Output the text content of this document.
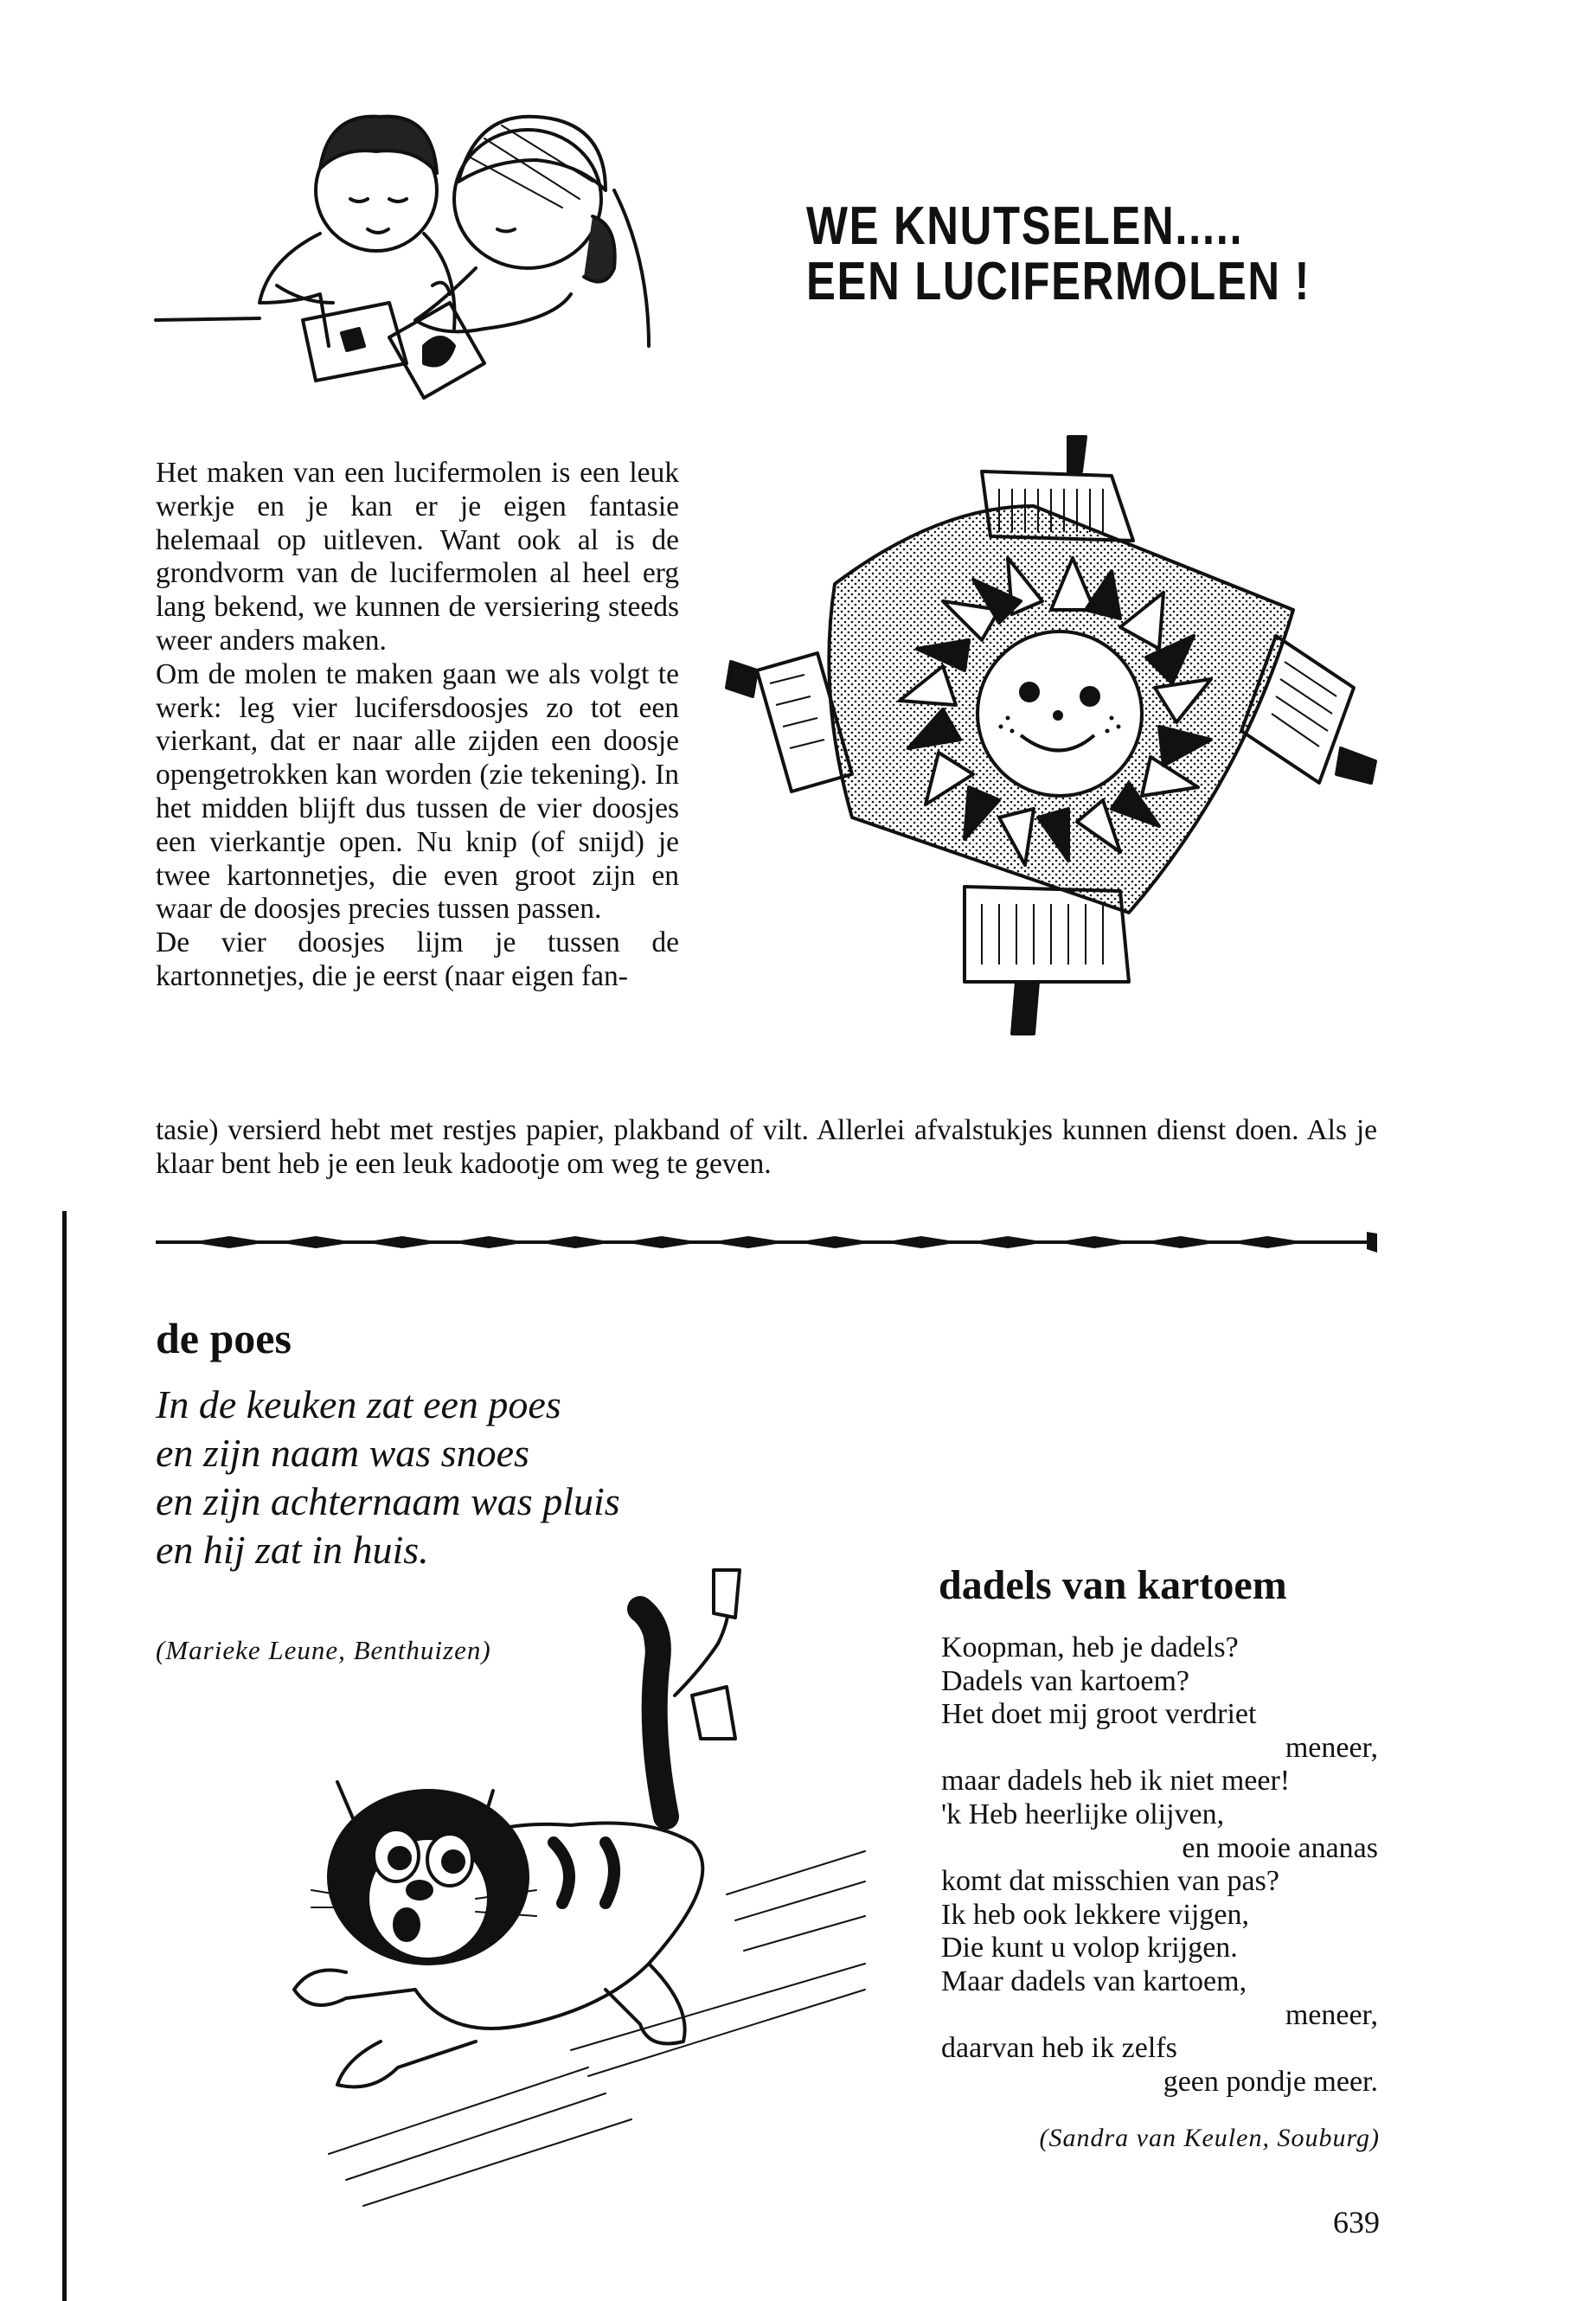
WE KNUTSELEN.....
EEN LUCIFERMOLEN !

Het maken van een lucifermolen is een leuk werkje en je kan er je eigen fantasie helemaal op uitleven. Want ook al is de grondvorm van de lucifermolen al heel erg lang bekend, we kunnen de versiering steeds weer anders maken.

Om de molen te maken gaan we als volgt te werk: leg vier lucifersdoosjes zo tot een vierkant, dat er naar alle zijden een doosje opengetrokken kan worden (zie tekening). In het midden blijft dus tussen de vier doosjes een vierkantje open. Nu knip (of snijd) je twee kartonnetjes, die even groot zijn en waar de doosjes precies tussen passen.

De vier doosjes lijm je tussen de kartonnetjes, die je eerst (naar eigen fan-

tasie) versierd hebt met restjes papier, plakband of vilt. Allerlei afvalstukjes kunnen dienst doen. Als je klaar bent heb je een leuk kadootje om weg te geven.
de poes
In de keuken zat een poes
en zijn naam was snoes
en zijn achternaam was pluis
en hij zat in huis.
(Marieke Leune, Benthuizen)
dadels van kartoem
Koopman, heb je dadels?
Dadels van kartoem?
Het doet mij groot verdriet
meneer,
maar dadels heb ik niet meer!
'k Heb heerlijke olijven,
en mooie ananas
komt dat misschien van pas?
Ik heb ook lekkere vijgen,
Die kunt u volop krijgen.
Maar dadels van kartoem,
meneer,
daarvan heb ik zelfs
geen pondje meer.
(Sandra van Keulen, Souburg)
639
